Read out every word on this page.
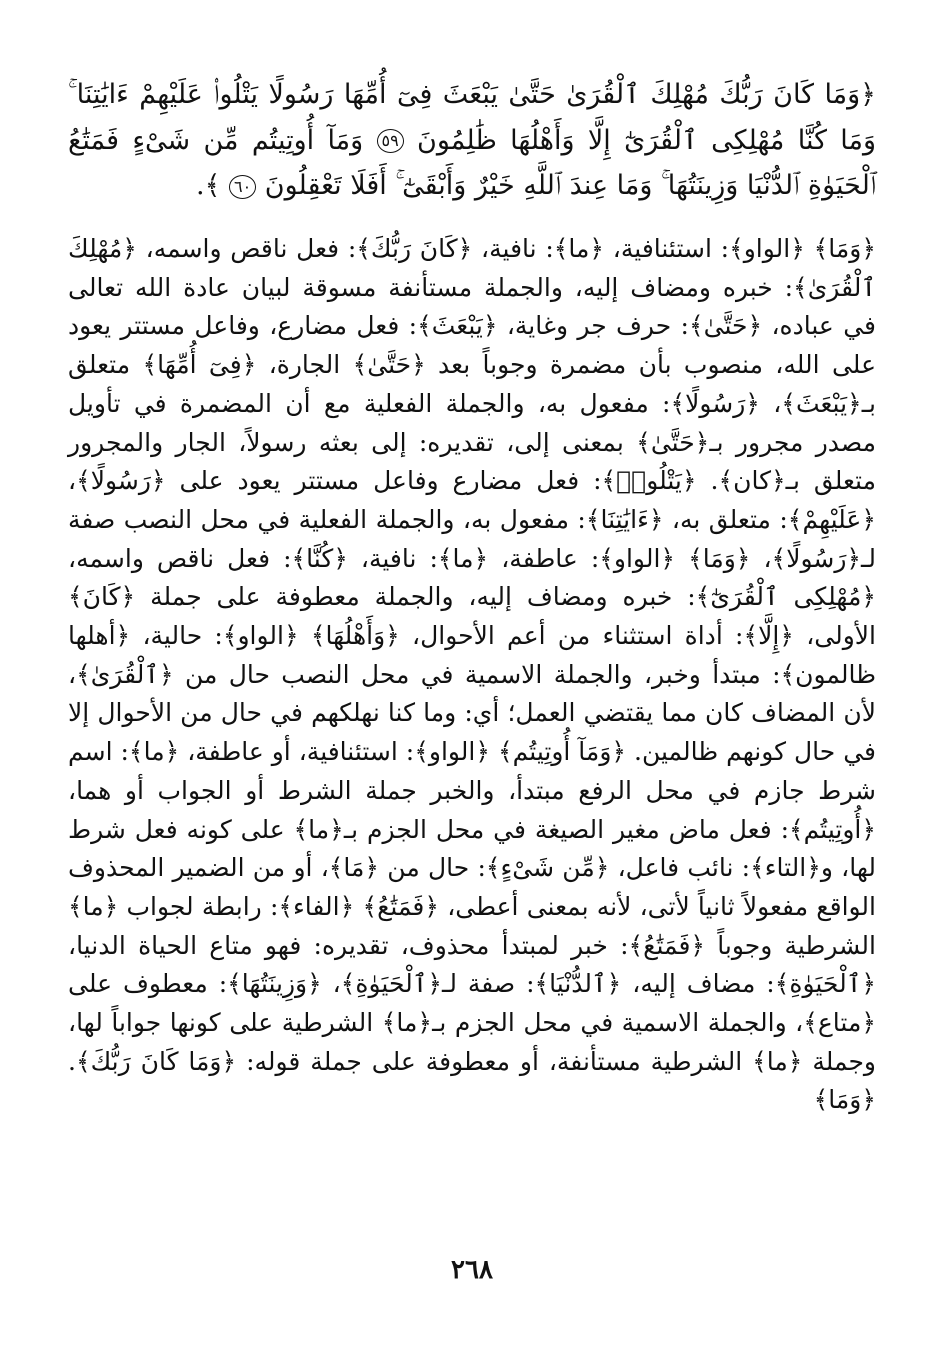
﴿وَمَا كَانَ رَبُّكَ مُهْلِكَ ٱلْقُرَىٰ حَتَّىٰ يَبْعَثَ فِىٓ أُمِّهَا رَسُولًا يَتْلُوا۟ عَلَيْهِمْ ءَايَٰتِنَا ۚ وَمَا كُنَّا مُهْلِكِى ٱلْقُرَىٰٓ إِلَّا وَأَهْلُهَا ظَٰلِمُونَ ٥٩ وَمَآ أُوتِيتُم مِّن شَىْءٍ فَمَتَٰعُ ٱلْحَيَوٰةِ ٱلدُّنْيَا وَزِينَتُهَا ۚ وَمَا عِندَ ٱللَّهِ خَيْرٌ وَأَبْقَىٰٓ ۚ أَفَلَا تَعْقِلُونَ ٦٠ ﴾.

﴿وَمَا﴾ ﴿الواو﴾: استئنافية، ﴿ما﴾: نافية، ﴿كَانَ رَبُّكَ﴾: فعل ناقص واسمه، ﴿مُهْلِكَ ٱلْقُرَىٰ﴾: خبره ومضاف إليه، والجملة مستأنفة مسوقة لبيان عادة الله تعالى في عباده، ﴿حَتَّىٰ﴾: حرف جر وغاية، ﴿يَبْعَثَ﴾: فعل مضارع، وفاعل مستتر يعود على الله، منصوب بأن مضمرة وجوباً بعد ﴿حَتَّىٰ﴾ الجارة، ﴿فِىٓ أُمِّهَا﴾ متعلق بـ﴿يَبْعَثَ﴾، ﴿رَسُولًا﴾: مفعول به، والجملة الفعلية مع أن المضمرة في تأويل مصدر مجرور بـ﴿حَتَّىٰ﴾ بمعنى إلى، تقديره: إلى بعثه رسولاً، الجار والمجرور متعلق بـ﴿كان﴾. ﴿يَتْلُوا۟﴾: فعل مضارع وفاعل مستتر يعود على ﴿رَسُولًا﴾، ﴿عَلَيْهِمْ﴾: متعلق به، ﴿ءَايَٰتِنَا﴾: مفعول به، والجملة الفعلية في محل النصب صفة لـ﴿رَسُولًا﴾، ﴿وَمَا﴾ ﴿الواو﴾: عاطفة، ﴿ما﴾: نافية، ﴿كُنَّا﴾: فعل ناقص واسمه، ﴿مُهْلِكِى ٱلْقُرَىٰٓ﴾: خبره ومضاف إليه، والجملة معطوفة على جملة ﴿كَانَ﴾ الأولى، ﴿إِلَّا﴾: أداة استثناء من أعم الأحوال، ﴿وَأَهْلُهَا﴾ ﴿الواو﴾: حالية، ﴿أهلها ظالمون﴾: مبتدأ وخبر، والجملة الاسمية في محل النصب حال من ﴿ٱلْقُرَىٰ﴾، لأن المضاف كان مما يقتضي العمل؛ أي: وما كنا نهلكهم في حال من الأحوال إلا في حال كونهم ظالمين. ﴿وَمَآ أُوتِيتُم﴾ ﴿الواو﴾: استئنافية، أو عاطفة، ﴿ما﴾: اسم شرط جازم في محل الرفع مبتدأ، والخبر جملة الشرط أو الجواب أو هما، ﴿أُوتِيتُم﴾: فعل ماض مغير الصيغة في محل الجزم بـ﴿ما﴾ على كونه فعل شرط لها، و﴿التاء﴾: نائب فاعل، ﴿مِّن شَىْءٍ﴾: حال من ﴿مَا﴾، أو من الضمير المحذوف الواقع مفعولاً ثانياً لأتى، لأنه بمعنى أعطى، ﴿فَمَتَٰعُ﴾ ﴿الفاء﴾: رابطة لجواب ﴿ما﴾ الشرطية وجوباً ﴿فَمَتَٰعُ﴾: خبر لمبتدأ محذوف، تقديره: فهو متاع الحياة الدنيا، ﴿ٱلْحَيَوٰةِ﴾: مضاف إليه، ﴿ٱلدُّنْيَا﴾: صفة لـ﴿ٱلْحَيَوٰةِ﴾، ﴿وَزِينَتُهَا﴾: معطوف على ﴿متاع﴾، والجملة الاسمية في محل الجزم بـ﴿ما﴾ الشرطية على كونها جواباً لها، وجملة ﴿ما﴾ الشرطية مستأنفة، أو معطوفة على جملة قوله: ﴿وَمَا كَانَ رَبُّكَ﴾. ﴿وَمَا﴾

٢٦٨
